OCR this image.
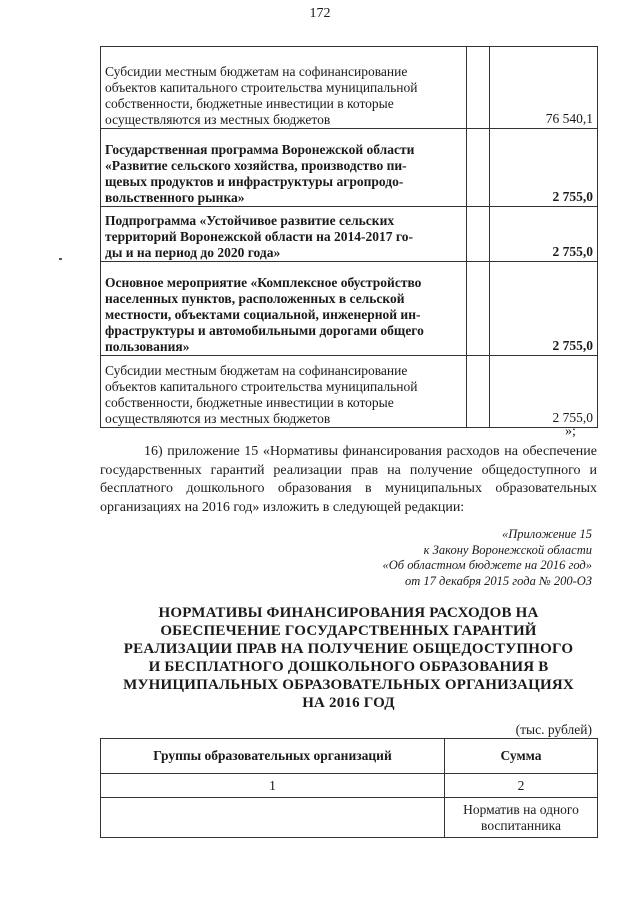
172
Субсидии местным бюджетам на софинансирование
объектов капитального строительства муниципальной
собственности, бюджетные инвестиции в которые
осуществляются из местных бюджетов		76 540,1
Государственная программа Воронежской области
«Развитие сельского хозяйства, производство пи-
щевых продуктов и инфраструктуры агропродо-
вольственного рынка»		2 755,0
Подпрограмма «Устойчивое развитие сельских
территорий Воронежской области на 2014-2017 го-
ды и на период до 2020 года»		2 755,0
Основное мероприятие «Комплексное обустройство
населенных пунктов, расположенных в сельской
местности, объектами социальной, инженерной ин-
фраструктуры и автомобильными дорогами общего
пользования»		2 755,0
Субсидии местным бюджетам на софинансирование
объектов капитального строительства муниципальной
собственности, бюджетные инвестиции в которые
осуществляются из местных бюджетов		2 755,0
»;
16) приложение 15 «Нормативы финансирования расходов на обеспечение государственных гарантий реализации прав на получение общедоступного и бесплатного дошкольного образования в муниципальных образовательных организациях на 2016 год» изложить в следующей редакции:
«Приложение 15
к Закону Воронежской области
«Об областном бюджете на 2016 год»
от 17 декабря 2015 года № 200-ОЗ
НОРМАТИВЫ ФИНАНСИРОВАНИЯ РАСХОДОВ НА
ОБЕСПЕЧЕНИЕ ГОСУДАРСТВЕННЫХ ГАРАНТИЙ
РЕАЛИЗАЦИИ ПРАВ НА ПОЛУЧЕНИЕ ОБЩЕДОСТУПНОГО
И БЕСПЛАТНОГО ДОШКОЛЬНОГО ОБРАЗОВАНИЯ В
МУНИЦИПАЛЬНЫХ ОБРАЗОВАТЕЛЬНЫХ ОРГАНИЗАЦИЯХ
НА 2016 ГОД
(тыс. рублей)
Группы образовательных организаций	Сумма
1	2
	Норматив на одного
воспитанника
